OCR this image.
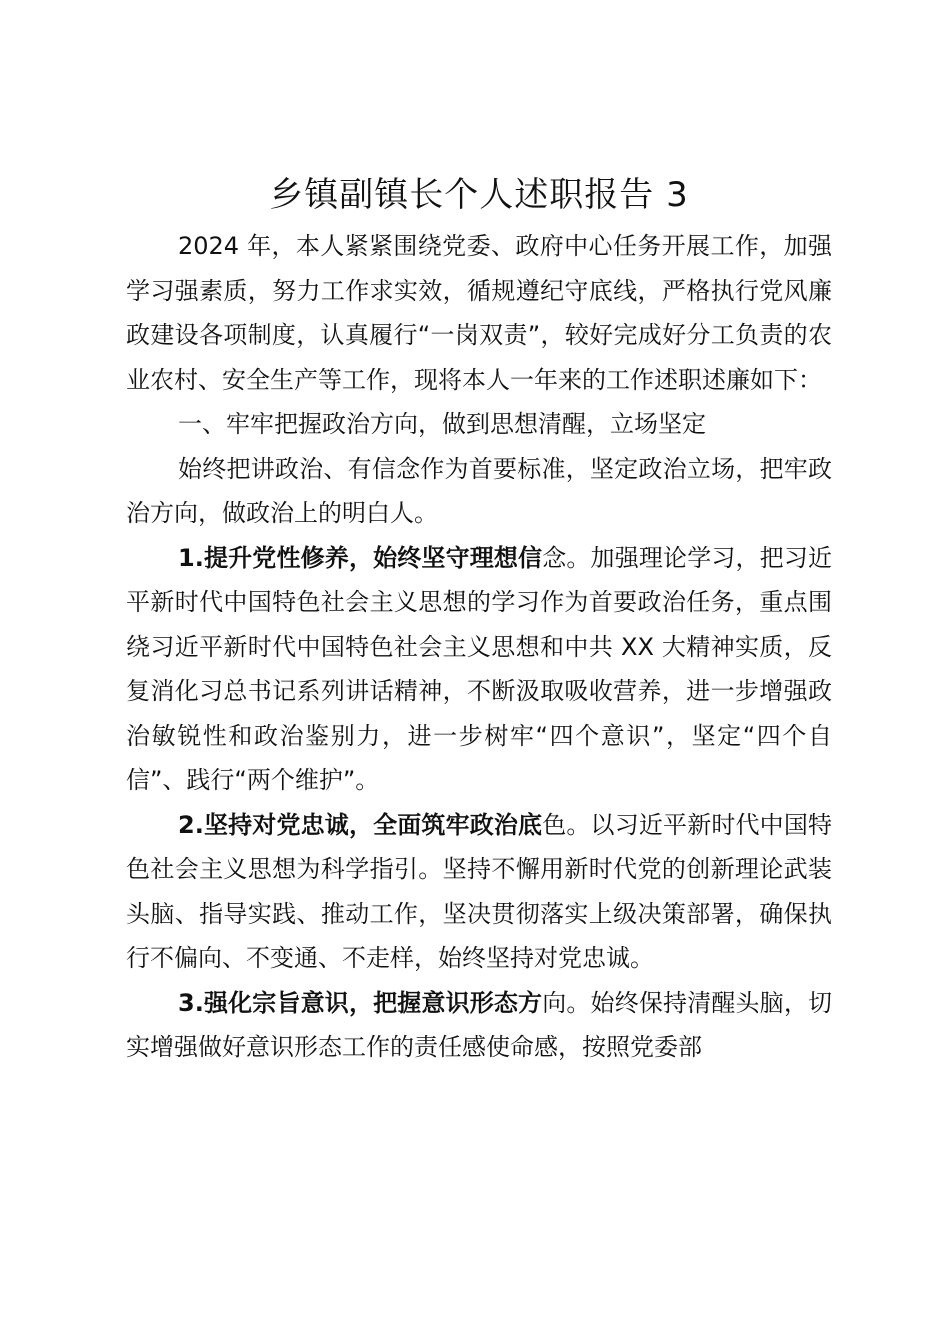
乡镇副镇长个人述职报告 3

2024 年，本人紧紧围绕党委、政府中心任务开展工作，加强学习强素质，努力工作求实效，循规遵纪守底线，严格执行党风廉政建设各项制度，认真履行“一岗双责”，较好完成好分工负责的农业农村、安全生产等工作，现将本人一年来的工作述职述廉如下：

一、牢牢把握政治方向，做到思想清醒，立场坚定

始终把讲政治、有信念作为首要标准，坚定政治立场，把牢政治方向，做政治上的明白人。

1.提升党性修养，始终坚守理想信念。加强理论学习，把习近平新时代中国特色社会主义思想的学习作为首要政治任务，重点围绕习近平新时代中国特色社会主义思想和中共 XX 大精神实质，反复消化习总书记系列讲话精神，不断汲取吸收营养，进一步增强政治敏锐性和政治鉴别力，进一步树牢“四个意识”，坚定“四个自信”、践行“两个维护”。

2.坚持对党忠诚，全面筑牢政治底色。以习近平新时代中国特色社会主义思想为科学指引。坚持不懈用新时代党的创新理论武装头脑、指导实践、推动工作，坚决贯彻落实上级决策部署，确保执行不偏向、不变通、不走样，始终坚持对党忠诚。

3.强化宗旨意识，把握意识形态方向。始终保持清醒头脑，切实增强做好意识形态工作的责任感使命感，按照党委部
